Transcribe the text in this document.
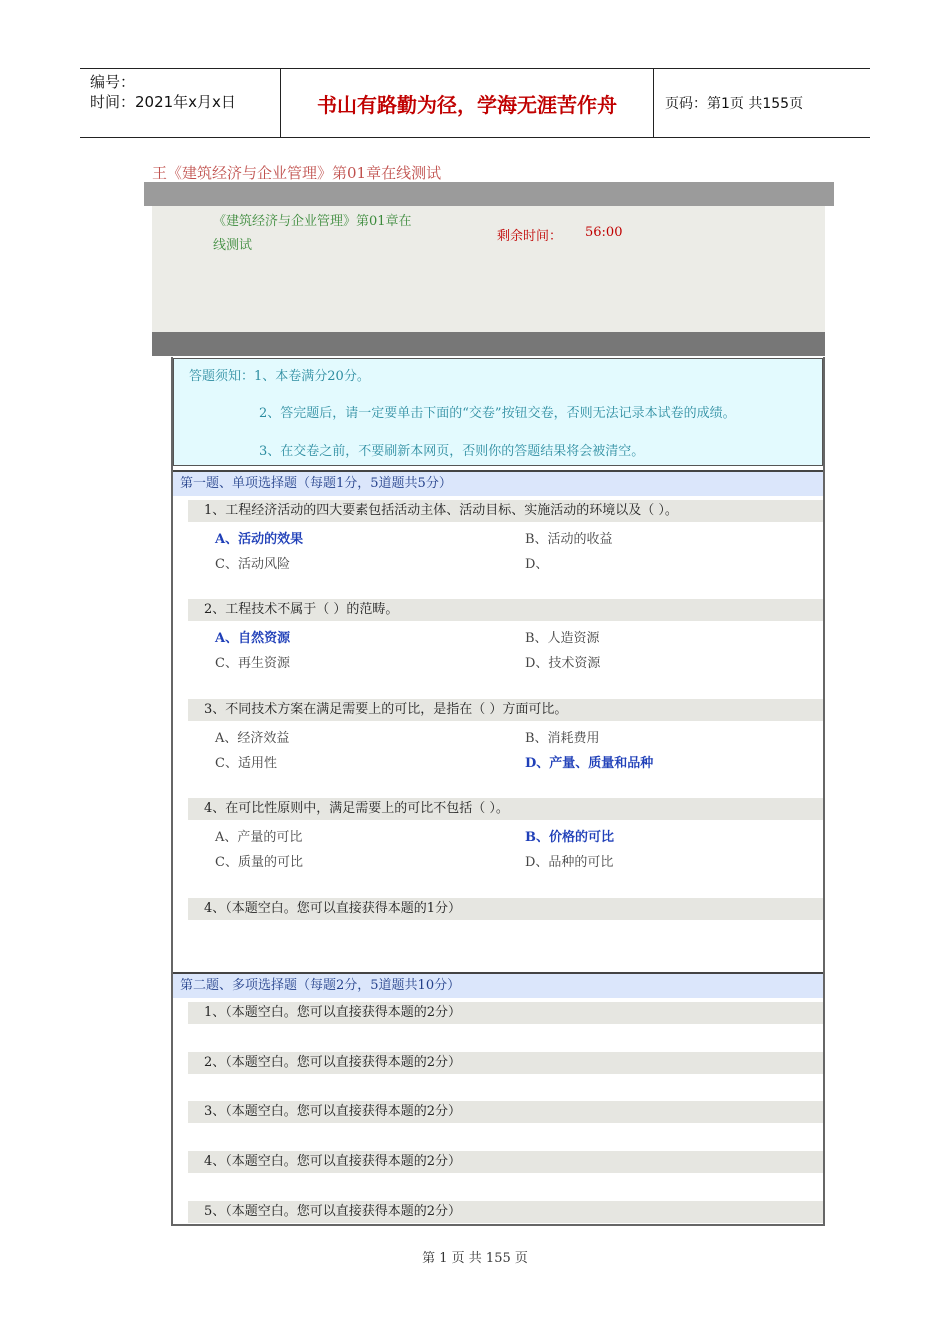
编号：
时间：2021年x月x日	书山有路勤为径，学海无涯苦作舟	页码：第1页 共155页
王《建筑经济与企业管理》第01章在线测试
《建筑经济与企业管理》第01章在
线测试
剩余时间： 56:00
答题须知：1、本卷满分20分。
2、答完题后，请一定要单击下面的“交卷”按钮交卷，否则无法记录本试卷的成绩。
3、在交卷之前，不要刷新本网页，否则你的答题结果将会被清空。
第一题、单项选择题（每题1分，5道题共5分）
1、工程经济活动的四大要素包括活动主体、活动目标、实施活动的环境以及（ ）。
A、活动的效果	B、活动的收益
C、活动风险	D、
2、工程技术不属于（ ）的范畴。
A、自然资源	B、人造资源
C、再生资源	D、技术资源
3、不同技术方案在满足需要上的可比，是指在（ ）方面可比。
A、经济效益	B、消耗费用
C、适用性	D、产量、质量和品种
4、在可比性原则中，满足需要上的可比不包括（ ）。
A、产量的可比	B、价格的可比
C、质量的可比	D、品种的可比
4、（本题空白。您可以直接获得本题的1分）
第二题、多项选择题（每题2分，5道题共10分）
1、（本题空白。您可以直接获得本题的2分）
2、（本题空白。您可以直接获得本题的2分）
3、（本题空白。您可以直接获得本题的2分）
4、（本题空白。您可以直接获得本题的2分）
5、（本题空白。您可以直接获得本题的2分）
第 1 页 共 155 页
